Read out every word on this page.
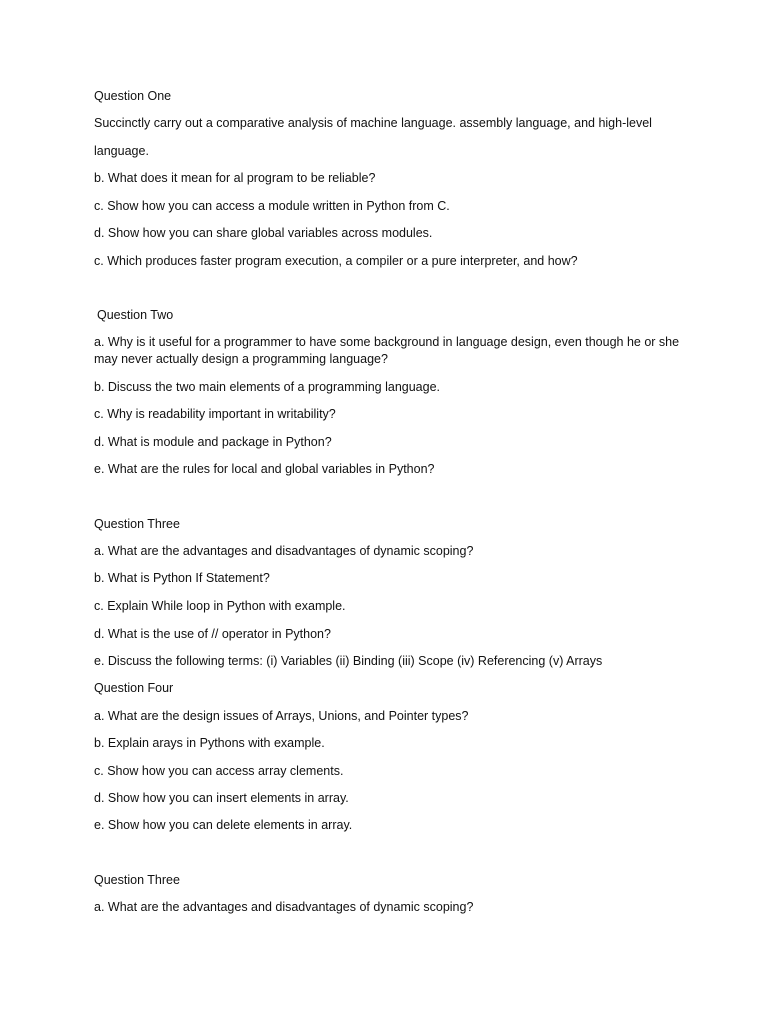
Question One
Succinctly carry out a comparative analysis of machine language. assembly language, and high-level
language.
b. What does it mean for al program to be reliable?
c. Show how you can access a module written in Python from C.
d. Show how you can share global variables across modules.
c. Which produces faster program execution, a compiler or a pure interpreter, and how?
Question Two
a. Why is it useful for a programmer to have some background in language design, even though he or she may never actually design a programming language?
b. Discuss the two main elements of a programming language.
c. Why is readability important in writability?
d. What is module and package in Python?
e. What are the rules for local and global variables in Python?
Question Three
a. What are the advantages and disadvantages of dynamic scoping?
b. What is Python If Statement?
c. Explain While loop in Python with example.
d. What is the use of // operator in Python?
e. Discuss the following terms: (i) Variables (ii) Binding (iii) Scope (iv) Referencing (v) Arrays
Question Four
a. What are the design issues of Arrays, Unions, and Pointer types?
b. Explain arays in Pythons with example.
c. Show how you can access array clements.
d. Show how you can insert elements in array.
e. Show how you can delete elements in array.
Question Three
a. What are the advantages and disadvantages of dynamic scoping?
